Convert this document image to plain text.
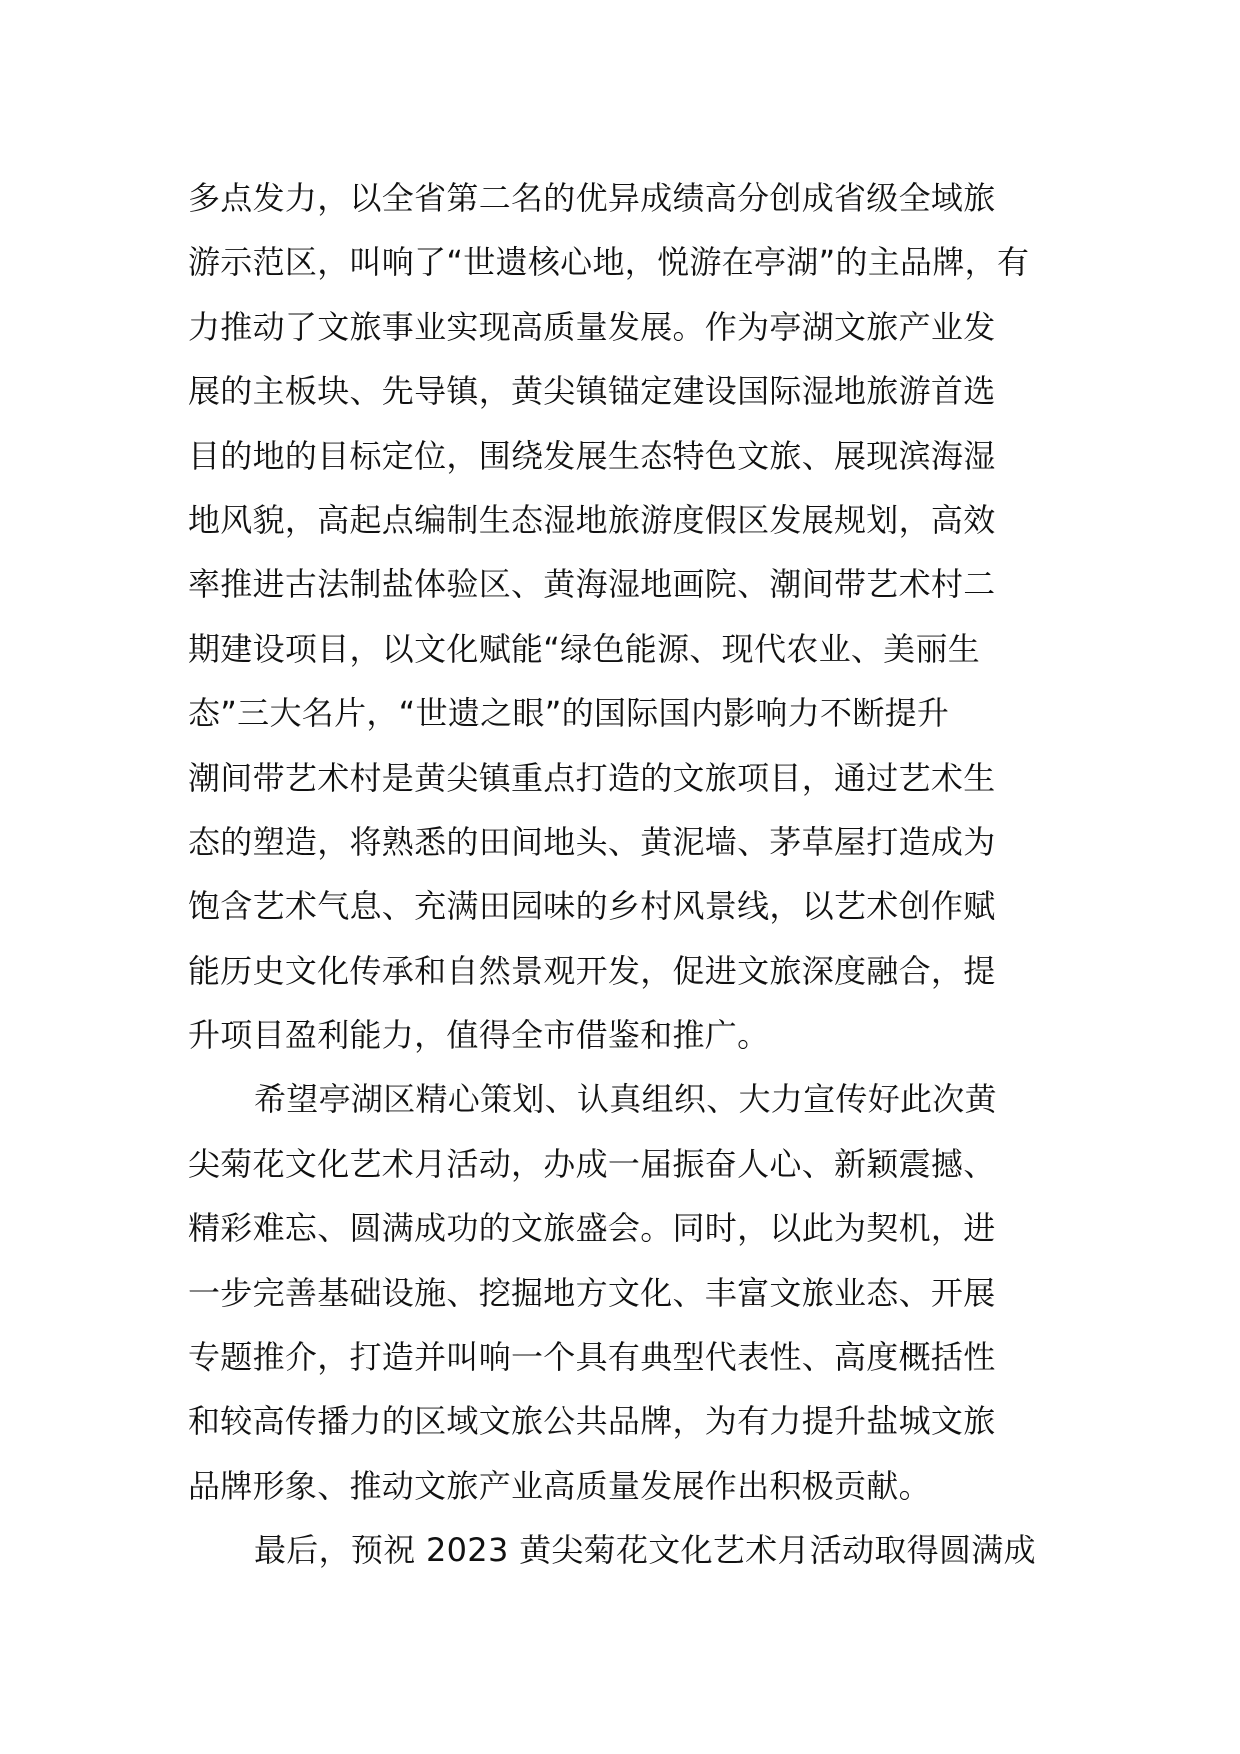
多点发力，以全省第二名的优异成绩高分创成省级全域旅
游示范区，叫响了“世遗核心地，悦游在亭湖”的主品牌，有
力推动了文旅事业实现高质量发展。作为亭湖文旅产业发
展的主板块、先导镇，黄尖镇锚定建设国际湿地旅游首选
目的地的目标定位，围绕发展生态特色文旅、展现滨海湿
地风貌，高起点编制生态湿地旅游度假区发展规划，高效
率推进古法制盐体验区、黄海湿地画院、潮间带艺术村二
期建设项目，以文化赋能“绿色能源、现代农业、美丽生
态”三大名片，“世遗之眼”的国际国内影响力不断提升
潮间带艺术村是黄尖镇重点打造的文旅项目，通过艺术生
态的塑造，将熟悉的田间地头、黄泥墙、茅草屋打造成为
饱含艺术气息、充满田园味的乡村风景线，以艺术创作赋
能历史文化传承和自然景观开发，促进文旅深度融合，提
升项目盈利能力，值得全市借鉴和推广。
希望亭湖区精心策划、认真组织、大力宣传好此次黄
尖菊花文化艺术月活动，办成一届振奋人心、新颖震撼、
精彩难忘、圆满成功的文旅盛会。同时，以此为契机，进
一步完善基础设施、挖掘地方文化、丰富文旅业态、开展
专题推介，打造并叫响一个具有典型代表性、高度概括性
和较高传播力的区域文旅公共品牌，为有力提升盐城文旅
品牌形象、推动文旅产业高质量发展作出积极贡献。
最后，预祝 2023 黄尖菊花文化艺术月活动取得圆满成
